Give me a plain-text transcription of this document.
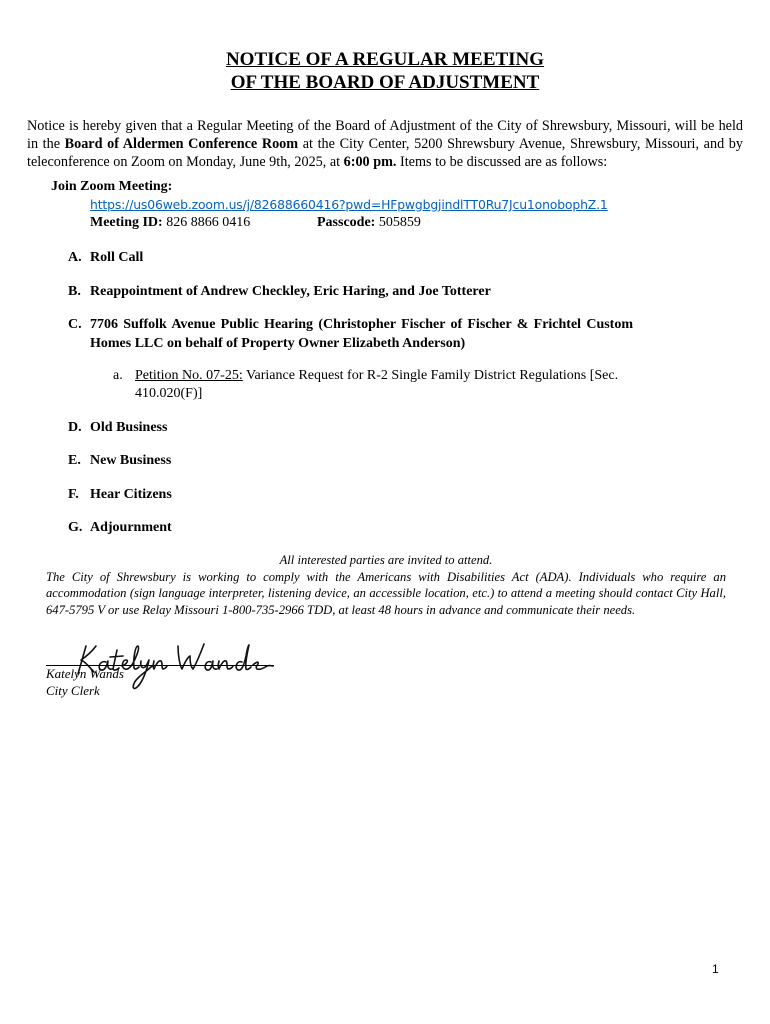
NOTICE OF A REGULAR MEETING
OF THE BOARD OF ADJUSTMENT
Notice is hereby given that a Regular Meeting of the Board of Adjustment of the City of Shrewsbury, Missouri, will be held in the Board of Aldermen Conference Room at the City Center, 5200 Shrewsbury Avenue, Shrewsbury, Missouri, and by teleconference on Zoom on Monday, June 9th, 2025, at 6:00 pm. Items to be discussed are as follows:
Join Zoom Meeting:
https://us06web.zoom.us/j/82688660416?pwd=HFpwgbgjindlTT0Ru7Jcu1onobophZ.1
Meeting ID: 826 8866 0416	Passcode: 505859
A. Roll Call
B. Reappointment of Andrew Checkley, Eric Haring, and Joe Totterer
C. 7706 Suffolk Avenue Public Hearing (Christopher Fischer of Fischer & Frichtel Custom Homes LLC on behalf of Property Owner Elizabeth Anderson)
a. Petition No. 07-25: Variance Request for R-2 Single Family District Regulations [Sec. 410.020(F)]
D. Old Business
E. New Business
F. Hear Citizens
G. Adjournment
All interested parties are invited to attend.
The City of Shrewsbury is working to comply with the Americans with Disabilities Act (ADA). Individuals who require an accommodation (sign language interpreter, listening device, an accessible location, etc.) to attend a meeting should contact City Hall, 647-5795 V or use Relay Missouri 1-800-735-2966 TDD, at least 48 hours in advance and communicate their needs.
Katelyn Wands
City Clerk
1
